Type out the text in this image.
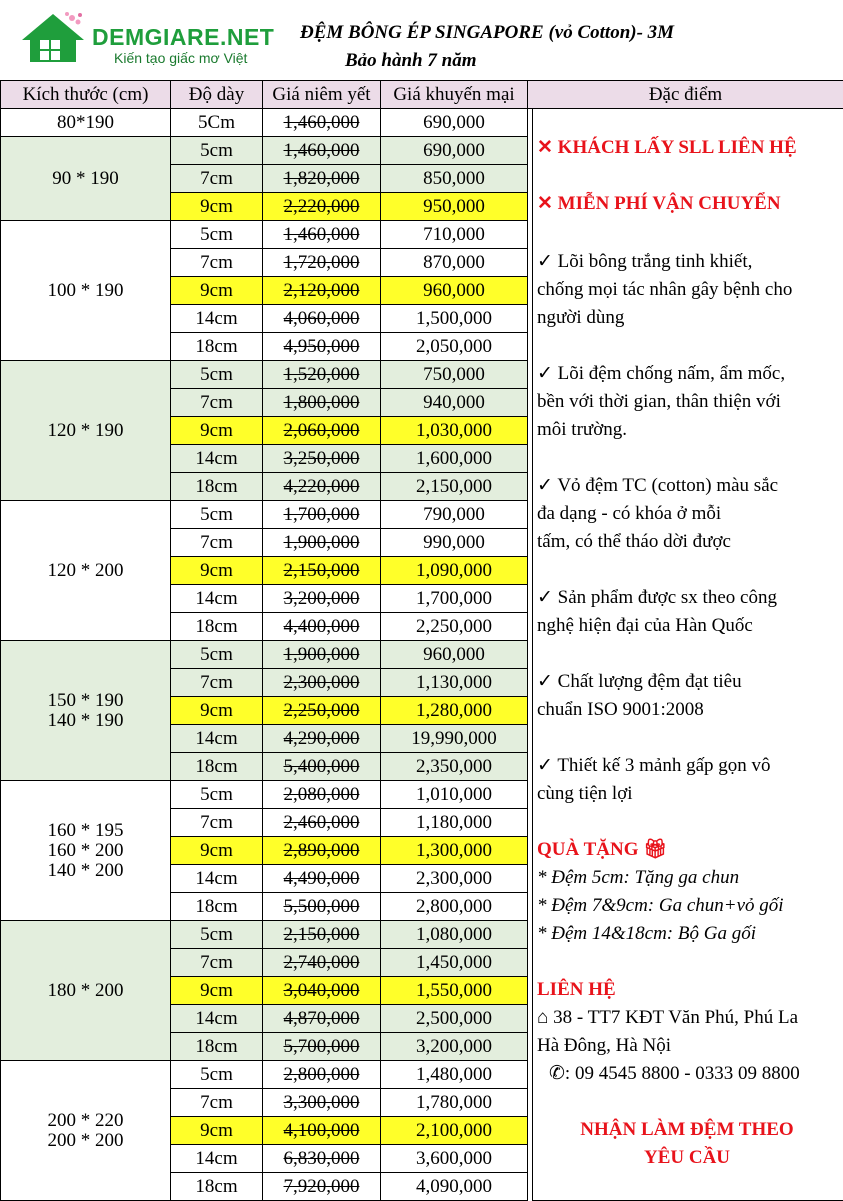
DEMGIARE.NET
Kiến tạo giấc mơ Việt
ĐỆM BÔNG ÉP SINGAPORE (vỏ Cotton)- 3M
Bảo hành 7 năm
Kích thước (cm)	Độ dày	Giá niêm yết	Giá khuyến mại	Đặc điểm
80*190	5Cm	1,460,000	690,000	
90 * 190	5cm	1,460,000	690,000	
	7cm	1,820,000	850,000	
	9cm	2,220,000	950,000	
100 * 190	5cm	1,460,000	710,000	
	7cm	1,720,000	870,000	
	9cm	2,120,000	960,000	
	14cm	4,060,000	1,500,000	
	18cm	4,950,000	2,050,000	
120 * 190	5cm	1,520,000	750,000	
	7cm	1,800,000	940,000	
	9cm	2,060,000	1,030,000	
	14cm	3,250,000	1,600,000	
	18cm	4,220,000	2,150,000	
120 * 200	5cm	1,700,000	790,000	
	7cm	1,900,000	990,000	
	9cm	2,150,000	1,090,000	
	14cm	3,200,000	1,700,000	
	18cm	4,400,000	2,250,000	
150 * 190
140 * 190	5cm	1,900,000	960,000	
	7cm	2,300,000	1,130,000	
	9cm	2,250,000	1,280,000	
	14cm	4,290,000	19,990,000	
	18cm	5,400,000	2,350,000	
160 * 195
160 * 200
140 * 200	5cm	2,080,000	1,010,000	
	7cm	2,460,000	1,180,000	
	9cm	2,890,000	1,300,000	
	14cm	4,490,000	2,300,000	
	18cm	5,500,000	2,800,000	
180 * 200	5cm	2,150,000	1,080,000	
	7cm	2,740,000	1,450,000	
	9cm	3,040,000	1,550,000	
	14cm	4,870,000	2,500,000	
	18cm	5,700,000	3,200,000	
200 * 220
200 * 200	5cm	2,800,000	1,480,000	
	7cm	3,300,000	1,780,000	
	9cm	4,100,000	2,100,000	
	14cm	6,830,000	3,600,000	
	18cm	7,920,000	4,090,000	
✕ KHÁCH LẤY SLL LIÊN HỆ
✕ MIỄN PHÍ VẬN CHUYỂN
✓ Lõi bông trắng tinh khiết,
chống mọi tác nhân gây bệnh cho
người dùng
✓ Lõi đệm chống nấm, ẩm mốc,
bền với thời gian, thân thiện với
môi trường.
✓ Vỏ đệm TC (cotton) màu sắc
đa dạng - có khóa ở mỗi
tấm, có thể tháo dời được
✓ Sản phẩm được sx theo công
nghệ hiện đại của Hàn Quốc
✓ Chất lượng đệm đạt tiêu
chuẩn ISO 9001:2008
✓ Thiết kế 3 mảnh gấp gọn vô
cùng tiện lợi
QUÀ TẶNG 🎁︎
* Đệm 5cm: Tặng ga chun
* Đệm 7&9cm: Ga chun+vỏ gối
* Đệm 14&18cm: Bộ Ga gối
LIÊN HỆ
⌂ 38 - TT7 KĐT Văn Phú, Phú La
Hà Đông, Hà Nội
✆: 09 4545 8800 - 0333 09 8800
NHẬN LÀM ĐỆM THEO
YÊU CẦU
